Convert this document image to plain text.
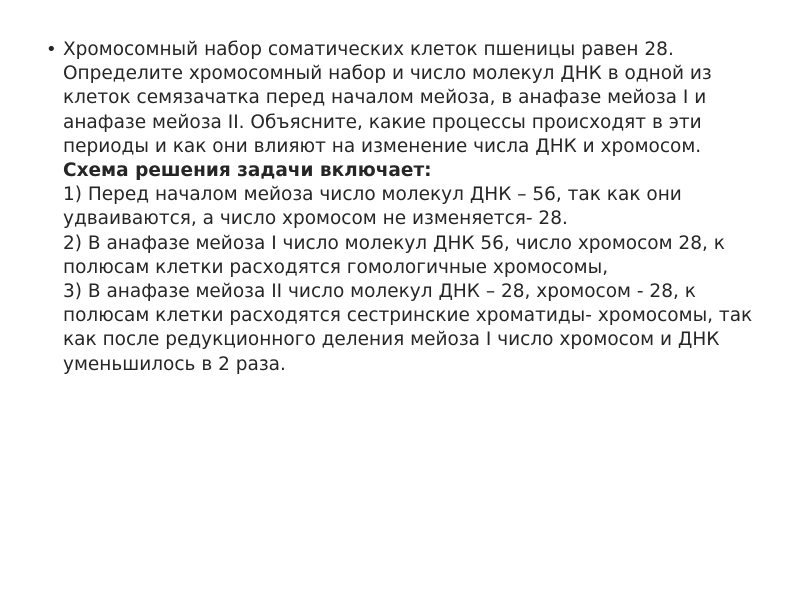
• Хромосомный набор соматических клеток пшеницы равен 28. Определите хромосомный набор и число молекул ДНК в одной из клеток семязачатка перед началом мейоза, в анафазе мейоза I и анафазе мейоза II. Объясните, какие процессы происходят в эти периоды и как они влияют на изменение числа ДНК и хромосом.

Схема решения задачи включает:

1) Перед началом мейоза число молекул ДНК – 56, так как они удваиваются, а число хромосом не изменяется- 28.

2) В анафазе мейоза I число молекул ДНК 56, число хромосом 28, к полюсам клетки расходятся гомологичные хромосомы,

3) В анафазе мейоза II число молекул ДНК – 28, хромосом - 28, к полюсам клетки расходятся сестринские хроматиды- хромосомы, так как после редукционного деления мейоза I число хромосом и ДНК уменьшилось в 2 раза.
